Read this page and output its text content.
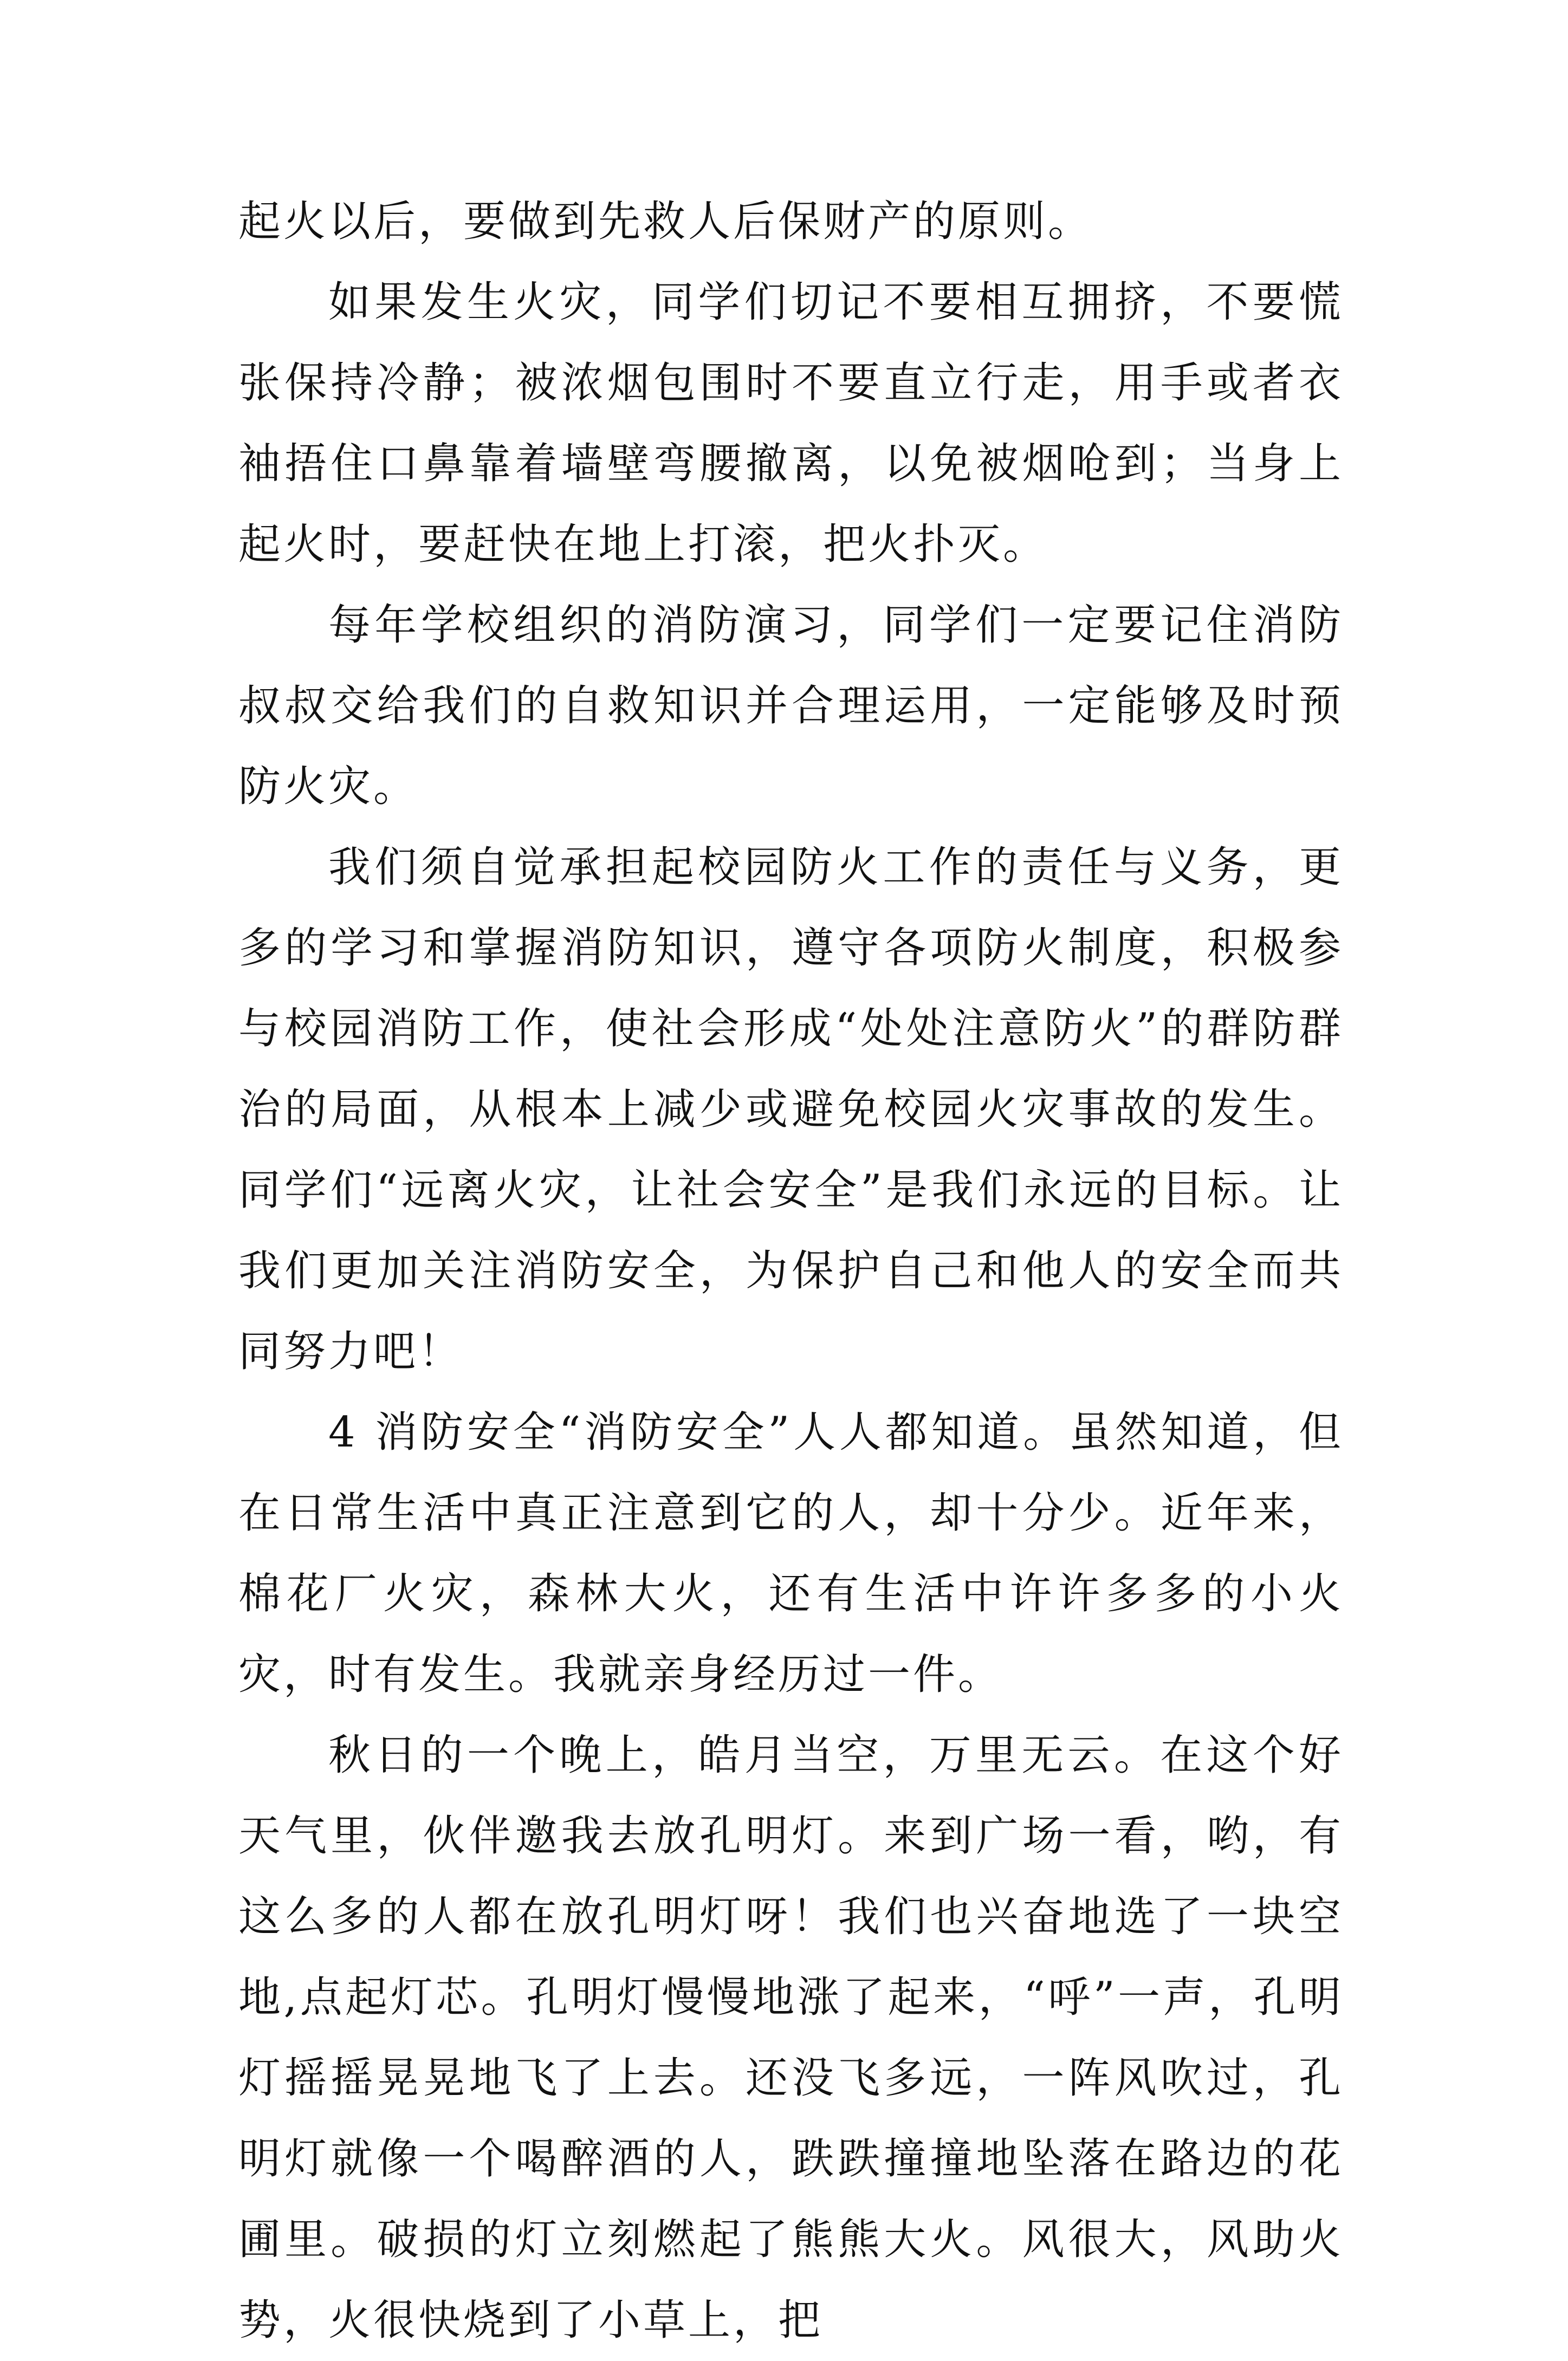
起火以后，要做到先救人后保财产的原则。

如果发生火灾，同学们切记不要相互拥挤，不要慌张保持冷静；被浓烟包围时不要直立行走，用手或者衣袖捂住口鼻靠着墙壁弯腰撤离，以免被烟呛到；当身上起火时，要赶快在地上打滚，把火扑灭。

每年学校组织的消防演习，同学们一定要记住消防叔叔交给我们的自救知识并合理运用，一定能够及时预防火灾。

我们须自觉承担起校园防火工作的责任与义务，更多的学习和掌握消防知识，遵守各项防火制度，积极参与校园消防工作，使社会形成“处处注意防火”的群防群治的局面，从根本上减少或避免校园火灾事故的发生。同学们“远离火灾，让社会安全”是我们永远的目标。让我们更加关注消防安全，为保护自己和他人的安全而共同努力吧！

4 消防安全“消防安全”人人都知道。虽然知道，但在日常生活中真正注意到它的人，却十分少。近年来，棉花厂火灾，森林大火，还有生活中许许多多的小火灾，时有发生。我就亲身经历过一件。

秋日的一个晚上，皓月当空，万里无云。在这个好天气里，伙伴邀我去放孔明灯。来到广场一看，哟，有这么多的人都在放孔明灯呀！我们也兴奋地选了一块空地,点起灯芯。孔明灯慢慢地涨了起来，“呼”一声，孔明灯摇摇晃晃地飞了上去。还没飞多远，一阵风吹过，孔明灯就像一个喝醉酒的人，跌跌撞撞地坠落在路边的花圃里。破损的灯立刻燃起了熊熊大火。风很大，风助火势，火很快烧到了小草上，把
